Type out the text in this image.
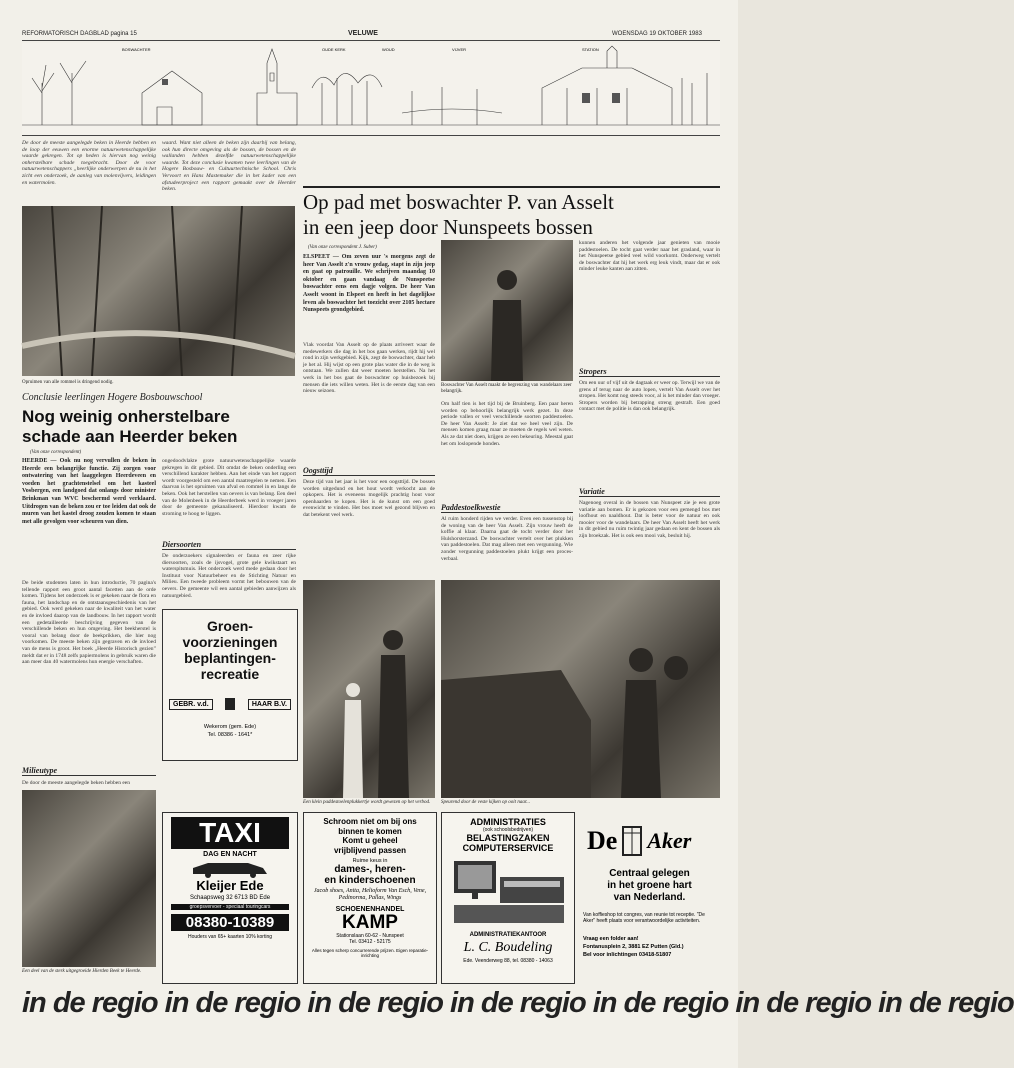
REFORMATORISCH DAGBLAD pagina 15	VELUWE	WOENSDAG 19 OKTOBER 1983
BOSWACHTER	OUDE KERK	WOUD	STATION
VIJVER
De door de meeste aangelegde beken in Heerde hebben en de loop der eeuwen een enorme natuurwetenschappelijke waarde gekregen. Tot op heden is hiervan nog weinig onherstelbare schade toegebracht. Door de voor natuurwetenschappers „heerlijke onderwerpen de nu in het zicht een onderzoek, de aanleg van molenvijvers, leidingen en watermolen.
waard. Want niet alleen de beken zijn daarbij van belang, ook hun directe omgeving als de bossen, de bossen en de wallanden hebben dezelfde natuurwetenschappelijke waarde. Tot deze conclusie kwamen twee leerlingen van de Hogere Bosbouw- en Cultuurtechnische School. Chris Vervoort en Hans Mastemaker die in het kader van een afstudeerproject een rapport gemaakt over de Heerder beken.
Opruimen van alle rommel is dringend nodig.
Conclusie leerlingen Hogere Bosbouwschool
Nog weinig onherstelbare
schade aan Heerder beken
(Van onze correspondent)
HEERDE — Ook nu nog vervullen de beken in Heerde een belangrijke functie. Zij zorgen voor ontwatering van het laaggelegen Heerdeveen en voeden het grachtenstelsel om het kasteel Vosbergen, een landgoed dat onlangs door minister Brinkman van WVC beschermd werd verklaard. Uitdrogen van de beken zou er toe leiden dat ook de muren van het kastel droog zouden komen te staan met alle gevolgen voor scheuren van dien.
De beide studenten laten in hun introductie, 70 pagina's tellende rapport een groot aantal facetten aan de orde komen. Tijdens het onderzoek is er gekeken naar de flora en fauna, het landschap en de ontstaansgeschiedenis van het gebied. Ook werd gekeken naar de kwaliteit van het water en de invloed daarop van de landbouw. In het rapport wordt een gedetailleerde beschrijving gegeven van de verschillende beken en hun omgeving. Het beekherstel is vooral van belang door de beekprikken, die hier nog voorkomen. De meeste beken zijn gegraven en de invloed van de mens is groot. Het boek „Heerde Historisch gezien” meldt dat er in 1748 zelfs papiermolens in gebruik waren die aan meer dan 40 watermolens hun energie verschaften.
ongedoodvlakte grote natuurwetenschappelijke waarde gekregen in dit gebied. Dit omdat de beken onderling een verschillend karakter hebben. Aan het einde van het rapport wordt voorgesteld om een aantal maatregelen te nemen. Een daarvan is het opruimen van afval en rommel in en langs de beken. Ook het herstellen van oevers is van belang. Een deel van de Molenbeek in de Heerderbeek werd in vroeger jaren door de gemeente gekanaliseerd. Hierdoor kwam de stroming te hoog te liggen.
Diersoorten
De onderzoekers signaleerden er fauna en zeer rijke diersoorten, zoals de ijsvogel, grote gele kwikstaart en waterspitsmuis. Het onderzoek werd mede gedaan door het Instituut voor Natuurbeheer en de Stichting Natuur en Milieu. Een tweede probleem vormt het bebouwen van de oevers. De gemeente wil een aantal gebieden aanwijzen als natuurgebied.
Milieutype
De door de meeste aangelegde beken hebben een
Een deel van de sterk uitgegroeide Hierden Beek te Heerde.
Groen-
voorzieningen
beplantingen-
recreatie
GEBR. v.d.	HAAR B.V.
Wekerom (gem. Ede)
Tel. 08386 - 1641*
TAXI
DAG EN NACHT
Kleijer Ede
Schaapsweg 32 6713 BD Ede
groepsvervoer - speciaal touringcars
08380-10389
Houders van 65+ kaarten 10% korting
Op pad met boswachter P. van Asselt
in een jeep door Nunspeets bossen
(Van onze correspondent J. Suber)
ELSPEET — Om zeven uur 's morgens zegt de heer Van Asselt z'n vrouw gedag, stapt in zijn jeep en gaat op patrouille. We schrijven maandag 10 oktober en gaan vandaag de Nunspeetse boswachter eens een dagje volgen. De heer Van Asselt woont in Elspeet en heeft in het dagelijkse leven als boswachter het toezicht over 2105 hectare Nunspeets grondgebied.
Vlak voordat Van Asselt op de plaats arriveert waar de medewerkers die dag in het bos gaan werken, rijdt hij wel rond in zijn werkgebied. Kijk, zegt de boswachter, daar heb je het al. Hij wijst op een grote plas water die in de weg is ontstaan. We zullen dat weer moeten herstellen. Na het werk in het bos gaat de boswachter op huisbezoek bij mensen die iets willen weten. Het is de eerste dag van een nieuw seizoen.
Oogsttijd
Deze tijd van het jaar is het voor een oogsttijd. De bossen worden uitgedund en het hout wordt verkocht aan de opkopers. Het is eveneens mogelijk prachtig hout voor openhaarden te kopen. Het is de kunst om een goed evenwicht te vinden. Het bos moet wel gezond blijven en dat betekent veel werk.
Boswachter Van Asselt maakt de begrenzing van wandelaars zeer belangrijk.
Om half tien is het tijd bij de Bruinberg. Een paar heren worden op behoorlijk belangrijk werk gezet. In deze periode vallen er veel verschillende soorten paddestoelen. De heer Van Asselt: Je ziet dat we heel veel zijn. De mensen komen graag maar ze moeten de regels wel weten. Als ze dat niet doen, krijgen ze een bekeuring. Meestal gaat het om loslopende honden.
Paddestoelkwestie
Al ruim honderd rijden we verder. Even een tussenstop bij de woning van de heer Van Asselt. Zijn vrouw heeft de koffie al klaar. Daarna gaat de tocht verder door het Hulshorsterzand. De boswachter vertelt over het plukken van paddestoelen. Dat mag alleen met een vergunning. Wie zonder vergunning paddestoelen plukt krijgt een proces-verbaal.
kunnen anderen het volgende jaar genieten van mooie paddestoelen. De tocht gaat verder naar het grasland, waar in het Nunspeetse gebied veel wild voorkomt. Onderweg vertelt de boswachter dat hij het werk erg leuk vindt, maar dat er ook minder leuke kanten aan zitten.
Stropers
Om een uur of vijf uit de dagtaak er weer op. Terwijl we van de grens af terug naar de auto lopen, vertelt Van Asselt over het stropen. Het komt nog steeds voor, al is het minder dan vroeger. Stropers worden bij betrapping streng gestraft. Een goed contact met de politie is dan ook belangrijk.
Variatie
Nagenoeg overal in de bossen van Nunspeet zie je een grote variatie aan bomen. Er is gekozen voor een gemengd bos met loofhout en naaldhout. Dat is beter voor de natuur en ook mooier voor de wandelaars. De heer Van Asselt heeft het werk in dit gebied nu ruim twintig jaar gedaan en kent de bossen als zijn broekzak. Het is ook een mooi vak, besluit hij.
Een klein paddestoelenplukkertje wordt gewezen op het verbod.	Speurend door de veste kijken op ooit naar...
Schroom niet om bij ons
binnen te komen
Komt u geheel
vrijblijvend passen
Ruime keus in
dames-, heren-
en kinderschoenen
Jacob shoes, Anita, Helioform Van Esch, Vene, Pedinorma, Pallas, Wings
SCHOENENHANDEL
KAMP
Stationslaan 60-62 - Nunspeet
Tel. 03412 - 52175
Alles tegen scherp concurrerende prijzen. Eigen reparatie-inrichting
ADMINISTRATIES
(ook schoolsbedrijven)
BELASTINGZAKEN
COMPUTERSERVICE
ADMINISTRATIEKANTOOR
L. C. Boudeling
Ede. Veenderweg 88, tel. 08380 - 14063
De Aker
Centraal gelegen
in het groene hart
van Nederland.
Van koffieshop tot congres, van reunie tot receptie. "De Aker" heeft plaats voor verantwoordelijke activiteiten.
Vraag een folder aan!
Fontanusplein 2, 3881 EZ Putten (Gld.)
Bel voor inlichtingen 03418-51807
in de regio in de regio in de regio in de regio in de regio in de regio in de regio
